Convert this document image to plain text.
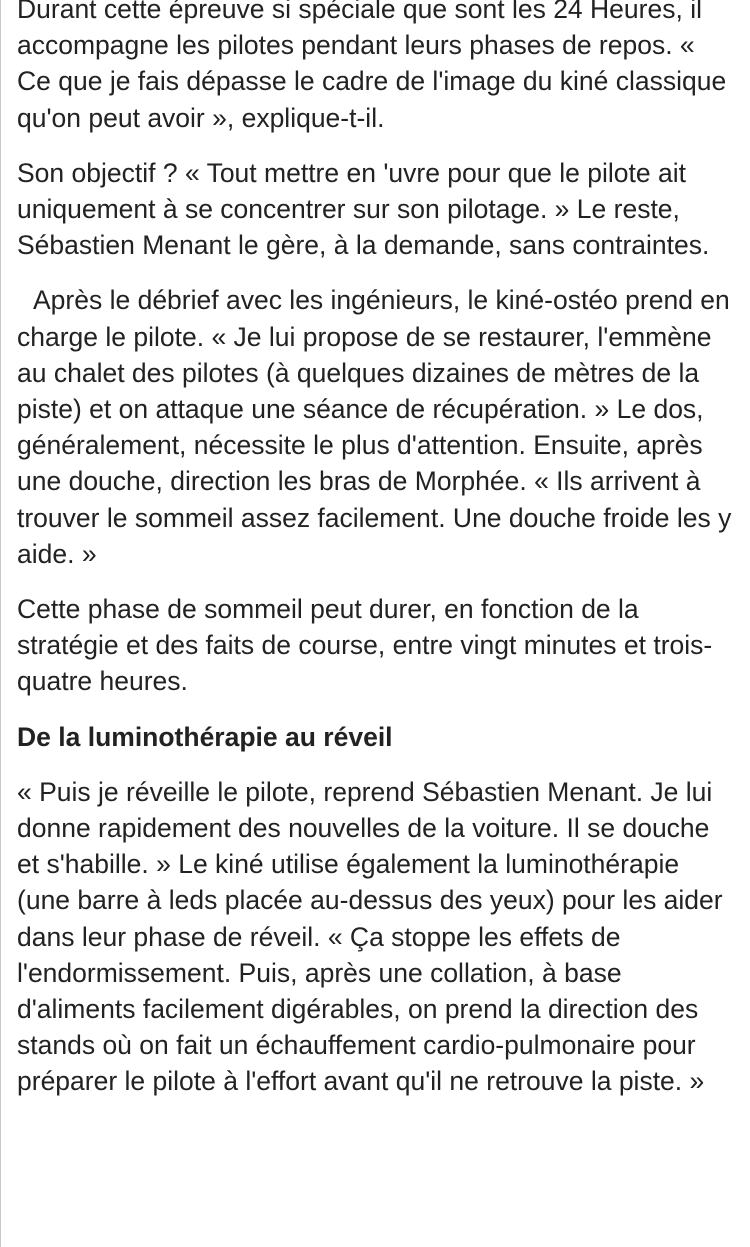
Durant cette épreuve si spéciale que sont les 24 Heures, il accompagne les pilotes pendant leurs phases de repos. « Ce que je fais dépasse le cadre de l'image du kiné classique qu'on peut avoir », explique-t-il.

Son objectif ? « Tout mettre en 'uvre pour que le pilote ait uniquement à se concentrer sur son pilotage. » Le reste, Sébastien Menant le gère, à la demande, sans contraintes.

Après le débrief avec les ingénieurs, le kiné-ostéo prend en charge le pilote. « Je lui propose de se restaurer, l'emmène au chalet des pilotes (à quelques dizaines de mètres de la piste) et on attaque une séance de récupération. » Le dos, généralement, nécessite le plus d'attention. Ensuite, après une douche, direction les bras de Morphée. « Ils arrivent à trouver le sommeil assez facilement. Une douche froide les y aide. »

Cette phase de sommeil peut durer, en fonction de la stratégie et des faits de course, entre vingt minutes et trois-quatre heures.

De la luminothérapie au réveil

« Puis je réveille le pilote, reprend Sébastien Menant. Je lui donne rapidement des nouvelles de la voiture. Il se douche et s'habille. » Le kiné utilise également la luminothérapie (une barre à leds placée au-dessus des yeux) pour les aider dans leur phase de réveil. « Ça stoppe les effets de l'endormissement. Puis, après une collation, à base d'aliments facilement digérables, on prend la direction des stands où on fait un échauffement cardio-pulmonaire pour préparer le pilote à l'effort avant qu'il ne retrouve la piste. »
